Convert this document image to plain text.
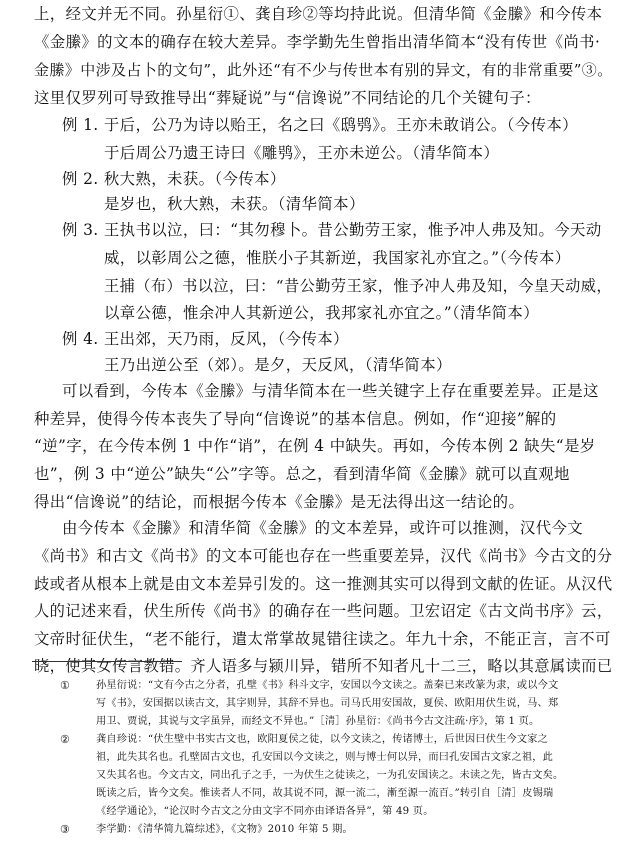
上，经文并无不同。孙星衍①、龚自珍②等均持此说。但清华简《金縢》和今传本
《金縢》的文本的确存在较大差异。李学勤先生曾指出清华简本“没有传世《尚书·
金縢》中涉及占卜的文句”，此外还“有不少与传世本有别的异文，有的非常重要”③。
这里仅罗列可导致推导出“葬疑说”与“信谗说”不同结论的几个关键句子：
例 1. 于后，公乃为诗以贻王，名之曰《鸱鸮》。王亦未敢诮公。（今传本）
于后周公乃遗王诗曰《雕鸮》，王亦未逆公。（清华简本）
例 2. 秋大熟，未获。（今传本）
是岁也，秋大熟，未获。（清华简本）
例 3. 王执书以泣，曰：“其勿穆卜。昔公勤劳王家，惟予冲人弗及知。今天动
威，以彰周公之德，惟朕小子其新逆，我国家礼亦宜之。”（今传本）
王捕（布）书以泣，曰：“昔公勤劳王家，惟予冲人弗及知，今皇天动威，
以章公德，惟余冲人其新逆公，我邦家礼亦宜之。”（清华简本）
例 4. 王出郊，天乃雨，反风，（今传本）
王乃出逆公至（郊）。是夕，天反风，（清华简本）
可以看到，今传本《金縢》与清华简本在一些关键字上存在重要差异。正是这
种差异，使得今传本丧失了导向“信谗说”的基本信息。例如，作“迎接”解的
“逆”字，在今传本例 1 中作“诮”，在例 4 中缺失。再如，今传本例 2 缺失“是岁
也”，例 3 中“逆公”缺失“公”字等。总之，看到清华简《金縢》就可以直观地
得出“信谗说”的结论，而根据今传本《金縢》是无法得出这一结论的。
由今传本《金縢》和清华简《金縢》的文本差异，或许可以推测，汉代今文
《尚书》和古文《尚书》的文本可能也存在一些重要差异，汉代《尚书》今古文的分
歧或者从根本上就是由文本差异引发的。这一推测其实可以得到文献的佐证。从汉代
人的记述来看，伏生所传《尚书》的确存在一些问题。卫宏诏定《古文尚书序》云，
文帝时征伏生，“老不能行，遣太常掌故晁错往读之。年九十余，不能正言，言不可
晓，使其女传言教错。齐人语多与颍川异，错所不知者凡十二三，略以其意属读而已
①
②
③
孙星衍说：“文有今古之分者，孔壁《书》科斗文字，安国以今文读之。盖秦已来改篆为隶，或以今文
写《书》，安国据以读古文，其字则异，其辞不异也。司马氏用安国故，夏侯、欧阳用伏生说，马、郑
用卫、贾说，其说与文字虽异，而经文不异也。”［清］孙星衍：《尚书今古文注疏·序》，第 1 页。
龚自珍说：“伏生壁中书实古文也，欧阳夏侯之徒，以今文读之，传诸博士，后世因曰伏生今文家之
祖，此失其名也。孔壁固古文也，孔安国以今文读之，则与博士何以异，而曰孔安国古文家之祖，此
又失其名也。今文古文，同出孔子之手，一为伏生之徒读之，一为孔安国读之。未读之先，皆古文矣。
既读之后，皆今文矣。惟读者人不同，故其说不同，源一流二，漸至源一流百。”转引自［清］皮锡瑞
《经学通论》，“论汉时今古文之分由文字不同亦由译语各异”，第 49 页。
李学勤：《清华简九篇综述》，《文物》2010 年第 5 期。
